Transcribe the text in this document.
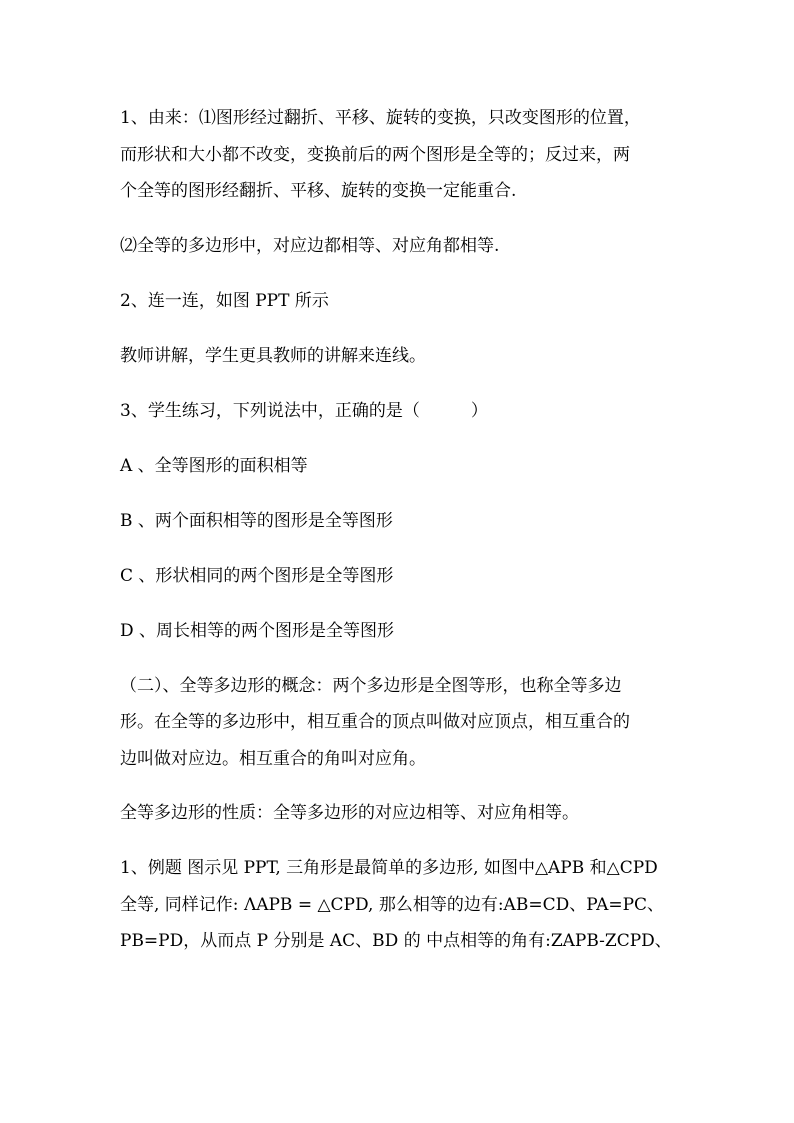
1、由来：⑴图形经过翻折、平移、旋转的变换，只改变图形的位置，
而形状和大小都不改变，变换前后的两个图形是全等的；反过来，两
个全等的图形经翻折、平移、旋转的变换一定能重合.

⑵全等的多边形中，对应边都相等、对应角都相等.

2、连一连，如图 PPT 所示

教师讲解，学生更具教师的讲解来连线。

3、学生练习，下列说法中，正确的是（　　　）

A 、全等图形的面积相等

B 、两个面积相等的图形是全等图形

C 、形状相同的两个图形是全等图形

D 、周长相等的两个图形是全等图形

（二）、全等多边形的概念：两个多边形是全图等形，也称全等多边
形。在全等的多边形中，相互重合的顶点叫做对应顶点，相互重合的
边叫做对应边。相互重合的角叫对应角。

全等多边形的性质：全等多边形的对应边相等、对应角相等。

1、例题 图示见 PPT, 三角形是最简单的多边形, 如图中△APB 和△CPD
全等, 同样记作: ΛAPB = △CPD, 那么相等的边有:AB=CD、PA=PC、
PB=PD，从而点 P 分别是 AC、BD 的 中点相等的角有:ZAPB-ZCPD、
